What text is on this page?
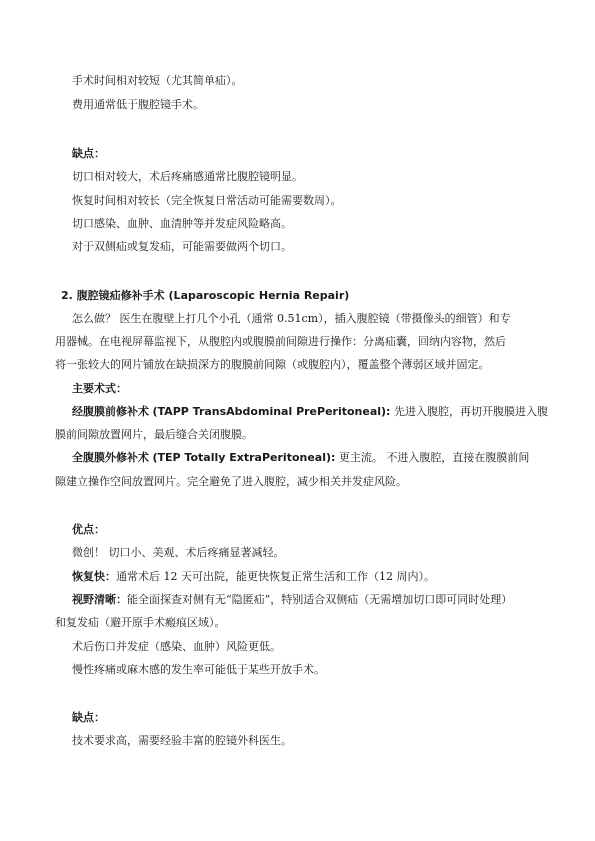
手术时间相对较短（尤其简单疝）。
费用通常低于腹腔镜手术。
缺点：
切口相对较大，术后疼痛感通常比腹腔镜明显。
恢复时间相对较长（完全恢复日常活动可能需要数周）。
切口感染、血肿、血清肿等并发症风险略高。
对于双侧疝或复发疝，可能需要做两个切口。
2. 腹腔镜疝修补手术 (Laparoscopic Hernia Repair)
怎么做？ 医生在腹壁上打几个小孔（通常 0.51cm），插入腹腔镜（带摄像头的细管）和专
用器械。在电视屏幕监视下，从腹腔内或腹膜前间隙进行操作：分离疝囊，回纳内容物，然后
将一张较大的网片铺放在缺损深方的腹膜前间隙（或腹腔内），覆盖整个薄弱区域并固定。
主要术式：
经腹膜前修补术 (TAPP TransAbdominal PrePeritoneal): 先进入腹腔，再切开腹膜进入腹
膜前间隙放置网片，最后缝合关闭腹膜。
全腹膜外修补术 (TEP Totally ExtraPeritoneal): 更主流。 不进入腹腔，直接在腹膜前间
隙建立操作空间放置网片。完全避免了进入腹腔，减少相关并发症风险。
优点：
微创！ 切口小、美观、术后疼痛显著减轻。
恢复快：通常术后 12 天可出院，能更快恢复正常生活和工作（12 周内）。
视野清晰：能全面探查对侧有无“隐匿疝”，特别适合双侧疝（无需增加切口即可同时处理）
和复发疝（避开原手术瘢痕区域）。
术后伤口并发症（感染、血肿）风险更低。
慢性疼痛或麻木感的发生率可能低于某些开放手术。
缺点：
技术要求高，需要经验丰富的腔镜外科医生。
